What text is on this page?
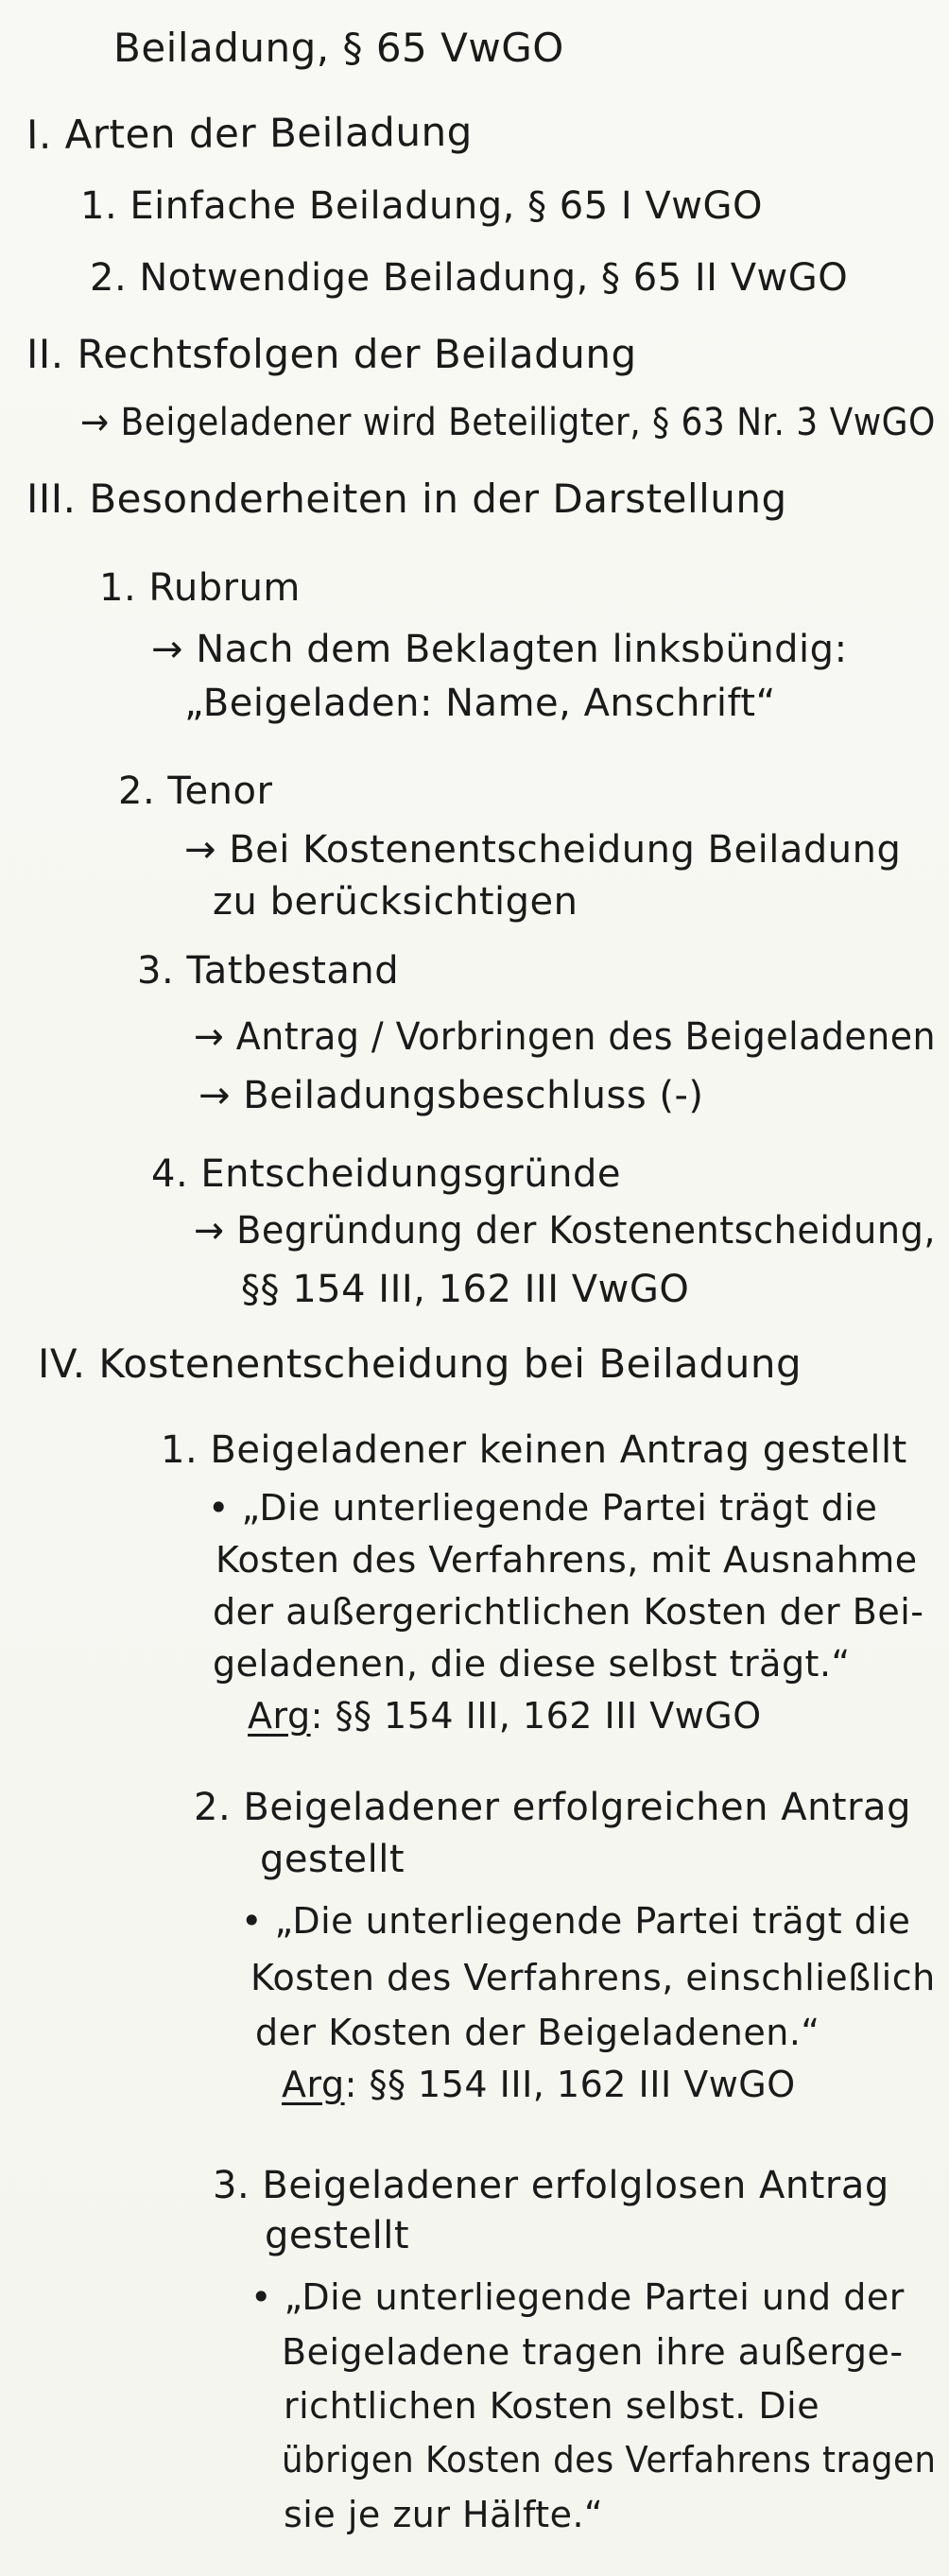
Beiladung, § 65 VwGO
I. Arten der Beiladung
1. Einfache Beiladung, § 65 I VwGO
2. Notwendige Beiladung, § 65 II VwGO
II. Rechtsfolgen der Beiladung
→ Beigeladener wird Beteiligter, § 63 Nr. 3 VwGO
III. Besonderheiten in der Darstellung
1. Rubrum
→ Nach dem Beklagten linksbündig:
„Beigeladen: Name, Anschrift“
2. Tenor
→ Bei Kostenentscheidung Beiladung
zu berücksichtigen
3. Tatbestand
→ Antrag / Vorbringen des Beigeladenen
→ Beiladungsbeschluss (-)
4. Entscheidungsgründe
→ Begründung der Kostenentscheidung,
§§ 154 III, 162 III VwGO
IV. Kostenentscheidung bei Beiladung
1. Beigeladener keinen Antrag gestellt
• „Die unterliegende Partei trägt die
Kosten des Verfahrens, mit Ausnahme
der außergerichtlichen Kosten der Bei-
geladenen, die diese selbst trägt.“
Arg: §§ 154 III, 162 III VwGO
2. Beigeladener erfolgreichen Antrag
gestellt
• „Die unterliegende Partei trägt die
Kosten des Verfahrens, einschließlich
der Kosten der Beigeladenen.“
Arg: §§ 154 III, 162 III VwGO
3. Beigeladener erfolglosen Antrag
gestellt
• „Die unterliegende Partei und der
Beigeladene tragen ihre außerge-
richtlichen Kosten selbst. Die
übrigen Kosten des Verfahrens tragen
sie je zur Hälfte.“
